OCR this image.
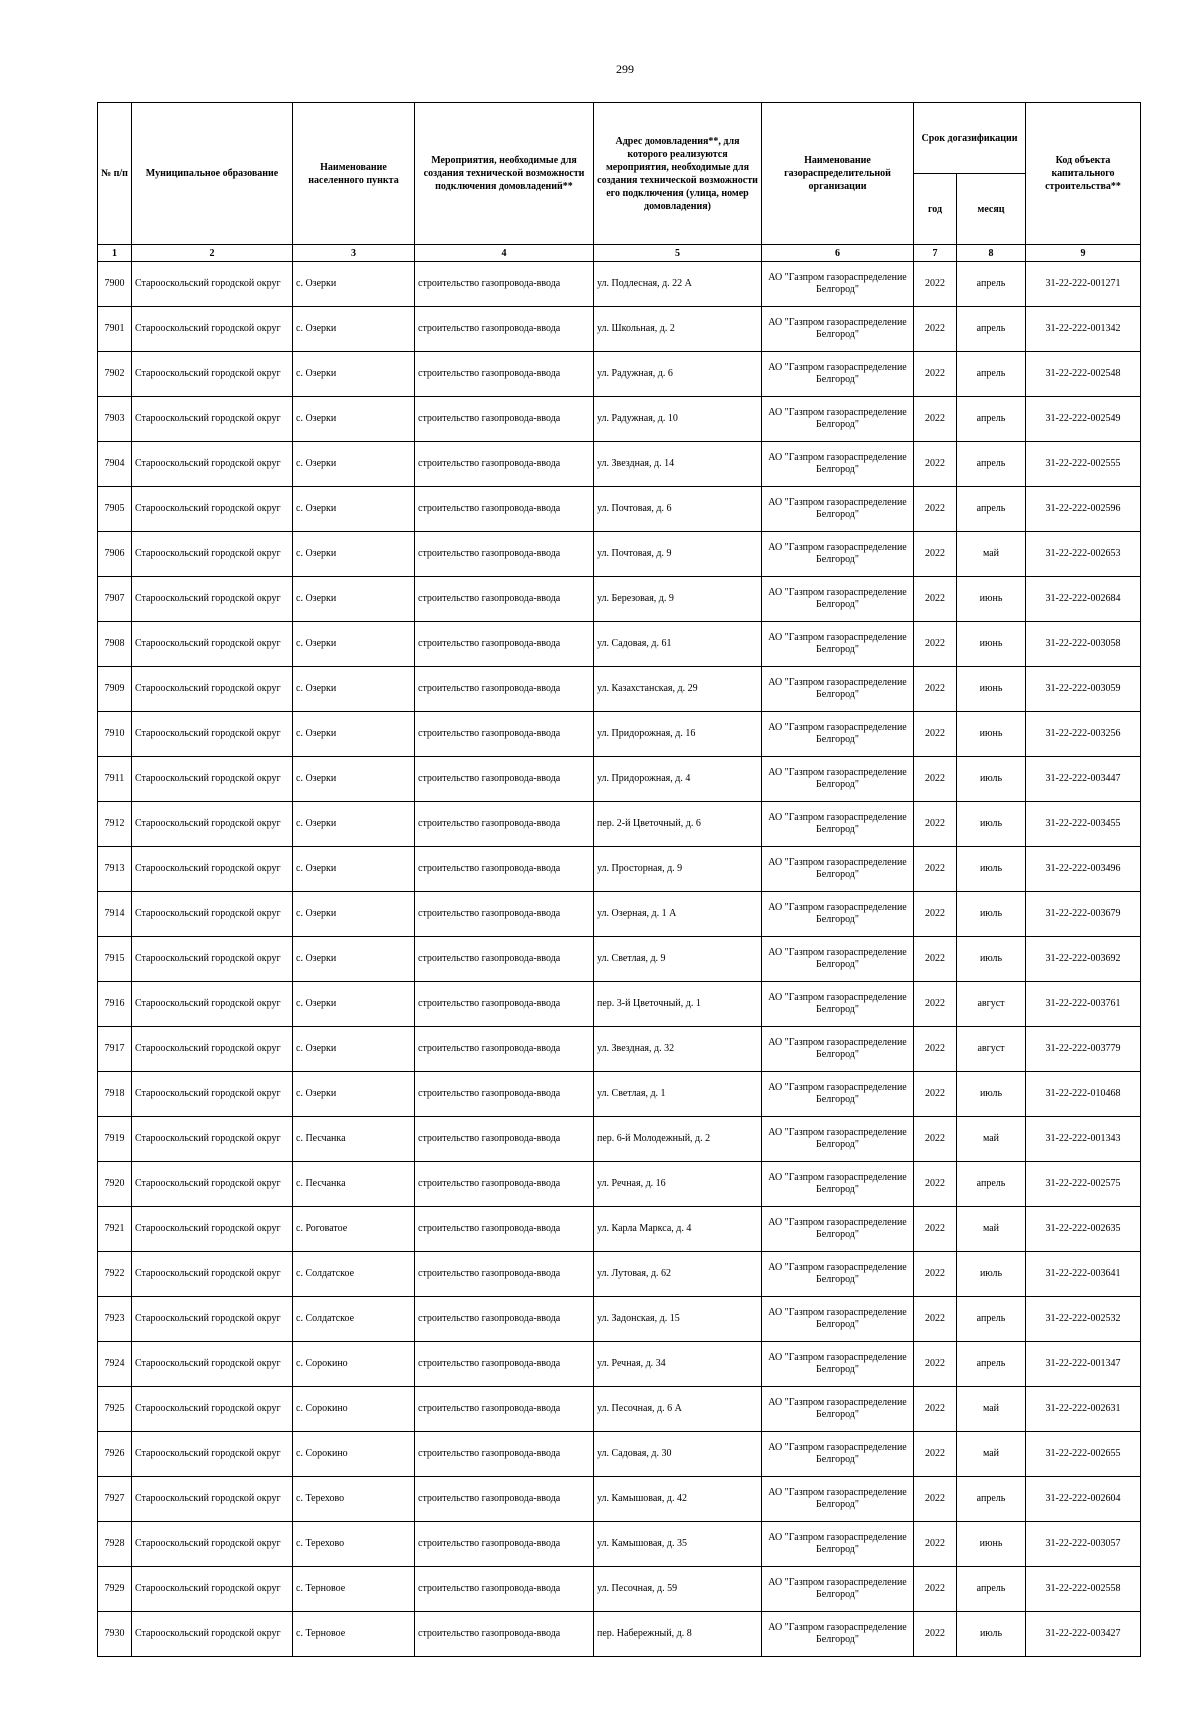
299
№ п/п	Муниципальное образование	Наименование населенного пункта	Мероприятия, необходимые для создания технической возможности подключения домовладений**	Адрес домовладения**, для которого реализуются мероприятия, необходимые для создания технической возможности его подключения (улица, номер домовладения)	Наименование газораспределительной организации	Срок догазификации		Код объекта капитального строительства**
						год	месяц	
1	2	3	4	5	6	7	8	9
7900	Старооскольский городской округ	с. Озерки	строительство газопровода-ввода	ул. Подлесная, д. 22 А	АО "Газпром газораспределение Белгород"	2022	апрель	31-22-222-001271
7901	Старооскольский городской округ	с. Озерки	строительство газопровода-ввода	ул. Школьная, д. 2	АО "Газпром газораспределение Белгород"	2022	апрель	31-22-222-001342
7902	Старооскольский городской округ	с. Озерки	строительство газопровода-ввода	ул. Радужная, д. 6	АО "Газпром газораспределение Белгород"	2022	апрель	31-22-222-002548
7903	Старооскольский городской округ	с. Озерки	строительство газопровода-ввода	ул. Радужная, д. 10	АО "Газпром газораспределение Белгород"	2022	апрель	31-22-222-002549
7904	Старооскольский городской округ	с. Озерки	строительство газопровода-ввода	ул. Звездная, д. 14	АО "Газпром газораспределение Белгород"	2022	апрель	31-22-222-002555
7905	Старооскольский городской округ	с. Озерки	строительство газопровода-ввода	ул. Почтовая, д. 6	АО "Газпром газораспределение Белгород"	2022	апрель	31-22-222-002596
7906	Старооскольский городской округ	с. Озерки	строительство газопровода-ввода	ул. Почтовая, д. 9	АО "Газпром газораспределение Белгород"	2022	май	31-22-222-002653
7907	Старооскольский городской округ	с. Озерки	строительство газопровода-ввода	ул. Березовая, д. 9	АО "Газпром газораспределение Белгород"	2022	июнь	31-22-222-002684
7908	Старооскольский городской округ	с. Озерки	строительство газопровода-ввода	ул. Садовая, д. 61	АО "Газпром газораспределение Белгород"	2022	июнь	31-22-222-003058
7909	Старооскольский городской округ	с. Озерки	строительство газопровода-ввода	ул. Казахстанская, д. 29	АО "Газпром газораспределение Белгород"	2022	июнь	31-22-222-003059
7910	Старооскольский городской округ	с. Озерки	строительство газопровода-ввода	ул. Придорожная, д. 16	АО "Газпром газораспределение Белгород"	2022	июнь	31-22-222-003256
7911	Старооскольский городской округ	с. Озерки	строительство газопровода-ввода	ул. Придорожная, д. 4	АО "Газпром газораспределение Белгород"	2022	июль	31-22-222-003447
7912	Старооскольский городской округ	с. Озерки	строительство газопровода-ввода	пер. 2-й Цветочный, д. 6	АО "Газпром газораспределение Белгород"	2022	июль	31-22-222-003455
7913	Старооскольский городской округ	с. Озерки	строительство газопровода-ввода	ул. Просторная, д. 9	АО "Газпром газораспределение Белгород"	2022	июль	31-22-222-003496
7914	Старооскольский городской округ	с. Озерки	строительство газопровода-ввода	ул. Озерная, д. 1 А	АО "Газпром газораспределение Белгород"	2022	июль	31-22-222-003679
7915	Старооскольский городской округ	с. Озерки	строительство газопровода-ввода	ул. Светлая, д. 9	АО "Газпром газораспределение Белгород"	2022	июль	31-22-222-003692
7916	Старооскольский городской округ	с. Озерки	строительство газопровода-ввода	пер. 3-й Цветочный, д. 1	АО "Газпром газораспределение Белгород"	2022	август	31-22-222-003761
7917	Старооскольский городской округ	с. Озерки	строительство газопровода-ввода	ул. Звездная, д. 32	АО "Газпром газораспределение Белгород"	2022	август	31-22-222-003779
7918	Старооскольский городской округ	с. Озерки	строительство газопровода-ввода	ул. Светлая, д. 1	АО "Газпром газораспределение Белгород"	2022	июль	31-22-222-010468
7919	Старооскольский городской округ	с. Песчанка	строительство газопровода-ввода	пер. 6-й Молодежный, д. 2	АО "Газпром газораспределение Белгород"	2022	май	31-22-222-001343
7920	Старооскольский городской округ	с. Песчанка	строительство газопровода-ввода	ул. Речная, д. 16	АО "Газпром газораспределение Белгород"	2022	апрель	31-22-222-002575
7921	Старооскольский городской округ	с. Роговатое	строительство газопровода-ввода	ул. Карла Маркса, д. 4	АО "Газпром газораспределение Белгород"	2022	май	31-22-222-002635
7922	Старооскольский городской округ	с. Солдатское	строительство газопровода-ввода	ул. Лутовая, д. 62	АО "Газпром газораспределение Белгород"	2022	июль	31-22-222-003641
7923	Старооскольский городской округ	с. Солдатское	строительство газопровода-ввода	ул. Задонская, д. 15	АО "Газпром газораспределение Белгород"	2022	апрель	31-22-222-002532
7924	Старооскольский городской округ	с. Сорокино	строительство газопровода-ввода	ул. Речная, д. 34	АО "Газпром газораспределение Белгород"	2022	апрель	31-22-222-001347
7925	Старооскольский городской округ	с. Сорокино	строительство газопровода-ввода	ул. Песочная, д. 6 А	АО "Газпром газораспределение Белгород"	2022	май	31-22-222-002631
7926	Старооскольский городской округ	с. Сорокино	строительство газопровода-ввода	ул. Садовая, д. 30	АО "Газпром газораспределение Белгород"	2022	май	31-22-222-002655
7927	Старооскольский городской округ	с. Терехово	строительство газопровода-ввода	ул. Камышовая, д. 42	АО "Газпром газораспределение Белгород"	2022	апрель	31-22-222-002604
7928	Старооскольский городской округ	с. Терехово	строительство газопровода-ввода	ул. Камышовая, д. 35	АО "Газпром газораспределение Белгород"	2022	июнь	31-22-222-003057
7929	Старооскольский городской округ	с. Терновое	строительство газопровода-ввода	ул. Песочная, д. 59	АО "Газпром газораспределение Белгород"	2022	апрель	31-22-222-002558
7930	Старооскольский городской округ	с. Терновое	строительство газопровода-ввода	пер. Набережный, д. 8	АО "Газпром газораспределение Белгород"	2022	июль	31-22-222-003427
